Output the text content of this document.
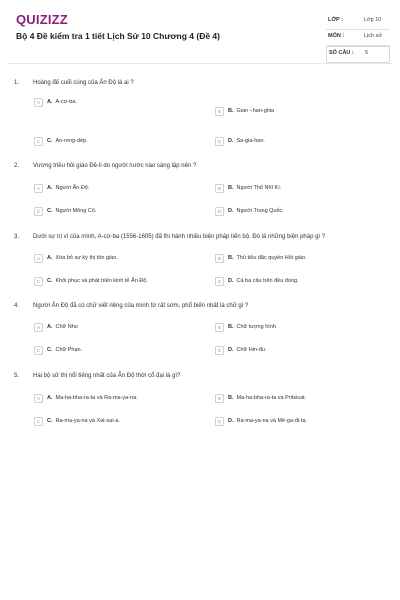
QUIZIZZ
Bộ 4 Đề kiểm tra 1 tiết Lịch Sử 10 Chương 4 (Đề 4)
LỚP :	Lớp 10
MÔN :	Lịch sử
SỐ CÂU : 5
1. Hoàng đế cuối cùng của Ấn Độ là ai ?
A	A. A-cơ-ba.
B	B. Gian –han-ghia
C	C. Ao-reng-dép.	D	D. Sa-gia-han.
2. Vương triều hồi giáo Đê-li do người nước nào sáng lập nên ?
A	A. Người Ấn Độ.	B	B. Người Thổ Nhĩ Kì.
C	C. Người Mông Cổ.	D	D. Người Trung Quốc.
3. Dưới sự trị vì của mình, A-cơ-ba (1556-1605) đã thi hành nhiều biện pháp tiến bộ. Đó là những biện pháp gì ?
A	A. Xóa bỏ sự kỳ thị tôn giáo.	B	B. Thủ tiêu đặc quyền Hồi giáo.
C	C. Khôi phục và phát triển kinh tế Ấn Độ.	D	D. Cả ba câu trên đều đúng.
4. Người Ấn Độ đã có chữ viết riêng của mình từ rất sớm, phổ biến nhất là chữ gì ?
A	A. Chữ Nho	B	B. Chữ tượng hình
C	C. Chữ Phạn.	D	D. Chữ Hin-đu.
5. Hai bộ sử thi nổi tiếng nhất của Ấn Độ thời cổ đại là gì?
A	A. Ma-ha-bha-ra-ta và Ra-ma-ya-na.	B	B. Ma-ha-bha-ra-ta và Pritsicat.
C	C. Ra-ma-ya-na và Xat-sai-a.	D	D. Ra-ma-ya-na và Mê-ga-đi-ta.
